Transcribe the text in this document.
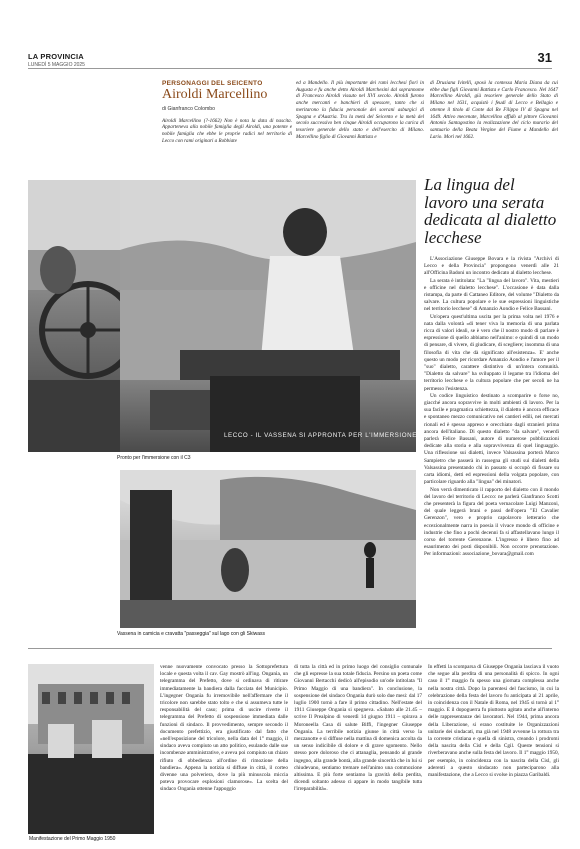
LA PROVINCIA
LUNEDÌ 5 MAGGIO 2025	31
PERSONAGGI DEL SEICENTO
Airoldi Marcellino
di Gianfranco Colombo
Airoldi Marcellino (?-1662) Non è nota la data di nascita. Apparteneva alla nobile famiglia degli Airoldi, una potente e nobile famiglia che ebbe le proprie radici nel territorio di Lecco con rami originari a Robbiate
ed a Mandello. Il più importante dei rami lecchesi fiorì in Augusta e fu anche detto Airoldi Marchesini dal soprannome di Francesco Airoldi vissuto nel XVI secolo. Airoldi furono anche mercanti e banchieri di spessore, tanto che si meritarono la fiducia personale dei sovrani asburgici di Spagna e d'Austria. Tra la metà del Seicento e la metà del secolo successivo ben cinque Airoldi occuparono la carica di tesoriere generale dello stato e dell'esercito di Milano. Marcellino figlio di Giovanni Battista e
di Drusiana Ivitelli, sposò la contessa Maria Diana da cui ebbe due figli Giovanni Battista e Carlo Francesco. Nel 1647 Marcellino Airoldi, già tesoriere generale dello Stato di Milano nel 1631, acquistò i feudi di Lecco e Bellagio e ottenne il titolo di Conte dal Re Filippo IV di Spagna nel 1649. Attivo mecenate, Marcellino affidò al pittore Giovanni Antonio Santagostino la realizzazione del ciclo murario del santuario della Beata Vergine del Fiume a Mandello del Lario. Morì nel 1662.
Pronto per l'immersione con il C3
LECCO - IL VASSENA SI APPRONTA PER L'IMMERSIONE
Vassena in camicia e cravatta "passeggia" sul lago con gli Skiwass
La lingua del lavoro una serata dedicata al dialetto lecchese

L'Associazione Giuseppe Bovara e la rivista "Archivi di Lecco e della Provincia" propongono venerdì alle 21 all'Officina Badoni un incontro dedicato al dialetto lecchese.

La serata è intitolata: "La "lingua del lavoro". Vita, mestieri e officine nel dialetto lecchese". L'occasione è data dalla ristampa, da parte di Cattaneo Editore, del volume "Dialetto da salvare. La cultura popolare e le sue espressioni linguistiche nel territorio lecchese" di Amanzio Aondio e Felice Bassani.

Un'opera quest'ultima uscita per la prima volta nel 1976 e nata dalla volontà «di tener viva la memoria di una parlata ricca di valori ideali, se è vero che il nostro modo di parlare è espressione di quello abbiamo nell'animo: e quindi di un modo di pensare, di vivere, di giudicare, di scegliere; insomma di una filosofia di vita che dà significato all'esistenza». E' anche questo un modo per ricordare Amanzio Aondio e l'amore per il "suo" dialetto, carattere distintivo di un'intera comunità. "Dialetto da salvare" ha sviluppato il legame tra l'idioma del territorio lecchese e la cultura popolare che per secoli ne ha permesso l'esistenza.

Un codice linguistico destinato a scomparire o forse no, giacché ancora sopravvive in molti ambienti di lavoro. Per la sua facile e pragmatica schiettezza, il dialetto è ancora efficace e spontaneo mezzo comunicativo nei cantieri edili, nei mercati rionali ed è spesso appreso e orecchiato dagli stranieri prima ancora dell'italiano. Di questo dialetto "da salvare", venerdì parlerà Felice Bassani, autore di numerose pubblicazioni dedicate alla storia e alla sopravvivenza di quel linguaggio. Una riflessione sui dialetti, invece Valsassina porterà Marco Sampietro che passerà in rassegna gli studi sui dialetti della Valsassina presentando chi in passato si occupò di fissare su carta idiomi, detti ed espressioni della volgata popolare, con particolare riguardo alla "lingua" dei minatori.

Non verrà dimenticato il rapporto del dialetto con il mondo del lavoro del territorio di Lecco: ne parlerà Gianfranco Scotti che presenterà la figura del poeta vernacolare Luigi Manzoni, del quale leggerà brani e passi dell'opera "El Cavalier Gerenzon", vero e proprio capolavoro letterario che eccezionalmente narra in poesia il vivace mondo di officine e industrie che fino a pochi decenni fa si affastellavano lungo il corso del torrente Gerenzone. L'ingresso è libero fino ad esaurimento dei posti disponibili. Non occorre prenotazione. Per informazioni: associazione_bovara@gmail.com

Manifestazione del Primo Maggio 1950
venne nuovamente convocato presso la Sottoprefettura locale e questa volta il cav. Gay mostrò all'ing. Onganìa, un telegramma del Prefetto, dove si ordinava di ritirare immediatamente la bandiera dalla facciata del Municipio. L'ingegner Onganìa fu irremovibile nell'affermare che il tricolore non sarebbe stato tolto e che si assumeva tutte le responsabilità del caso; prima di uscire riverte il telegramma del Prefetto di sospensione immediata dalle funzioni di sindaco. Il provvedimento, sempre secondo il documento prefettizio, era giustificato dal fatto che «nell'esposizione del tricolore, nella data del 1° maggio, il sindaco aveva compiuto un atto politico, esulando dalle sue incombenze amministrative, e aveva poi compiuto un chiaro rifiuto di obbedienza all'ordine di rimozione della bandiera». Appena la notizia si diffuse in città, il corteo divenne una polveriera, dove la più minuscola miccia poteva provocare esplosioni clamorose». La scelta del sindaco Onganìa ottenne l'appoggio
di tutta la città ed in primo luogo del consiglio comunale che gli espresse la sua totale fiducia. Persino un poeta come Giovanni Bertacchi dedicò all'episodio un'ode intitolata "Il Primo Maggio di una bandiera". In conclusione, la sospensione del sindaco Onganìa durò solo due mesi: dal 17 luglio 1900 tornò a fare il primo cittadino. Nell'estate del 1911 Giuseppe Onganìa si spegneva. «Sabato alle 21.45 – scrive Il Prealpino di venerdì 14 giugno 1911 – spirava a Moroneella Casa di salute Biffi, l'ingegner Giuseppe Onganìa. La terribile notizia giunse in città verso la mezzanotte e si diffuse nella mattina di domenica accolta da un senso indicibile di dolore e di grave sgomento. Nello stesso pore doloroso che ci attanaglia, pensando al grande ingegno, alla grande bontà, alla grande sincerità che in lui si chiudevano, sentiamo tremare nell'animo una commozione altissima. E più forte sentiamo la gravità della perdita, dicendi soltanto adesso ci appare in modo tangibile tutta l'irreparabilità».
In effetti la scomparsa di Giuseppe Onganìa lasciava il vuoto che segue alla perdita di una personalità di spicco. In ogni caso il 1° maggio fu spesso una giornata complessa anche nella nostra città. Dopo la parentesi del fascismo, in cui la celebrazione della festa del lavoro fu anticipata al 21 aprile, in coincidenza con il Natale di Roma, nel 1945 si tornò al 1° maggio. E il dopoguerra fu piuttosto agitato anche all'interno delle rappresentanze dei lavoratori. Nel 1944, prima ancora della Liberazione, si erano costituite le Organizzazioni unitarie dei sindacati, ma già nel 1948 avvenne la rottura tra la corrente cristiana e quella di sinistra, creando i prodromi della nascita della Cisl e della Cgil. Queste tensioni si riverberavano anche sulla festa del lavoro. Il 1° maggio 1950, per esempio, in coincidenza con la nascita della Cisl, gli aderenti a questo sindacato non parteciparono alla manifestazione, che a Lecco si svolse in piazza Garibaldi.
